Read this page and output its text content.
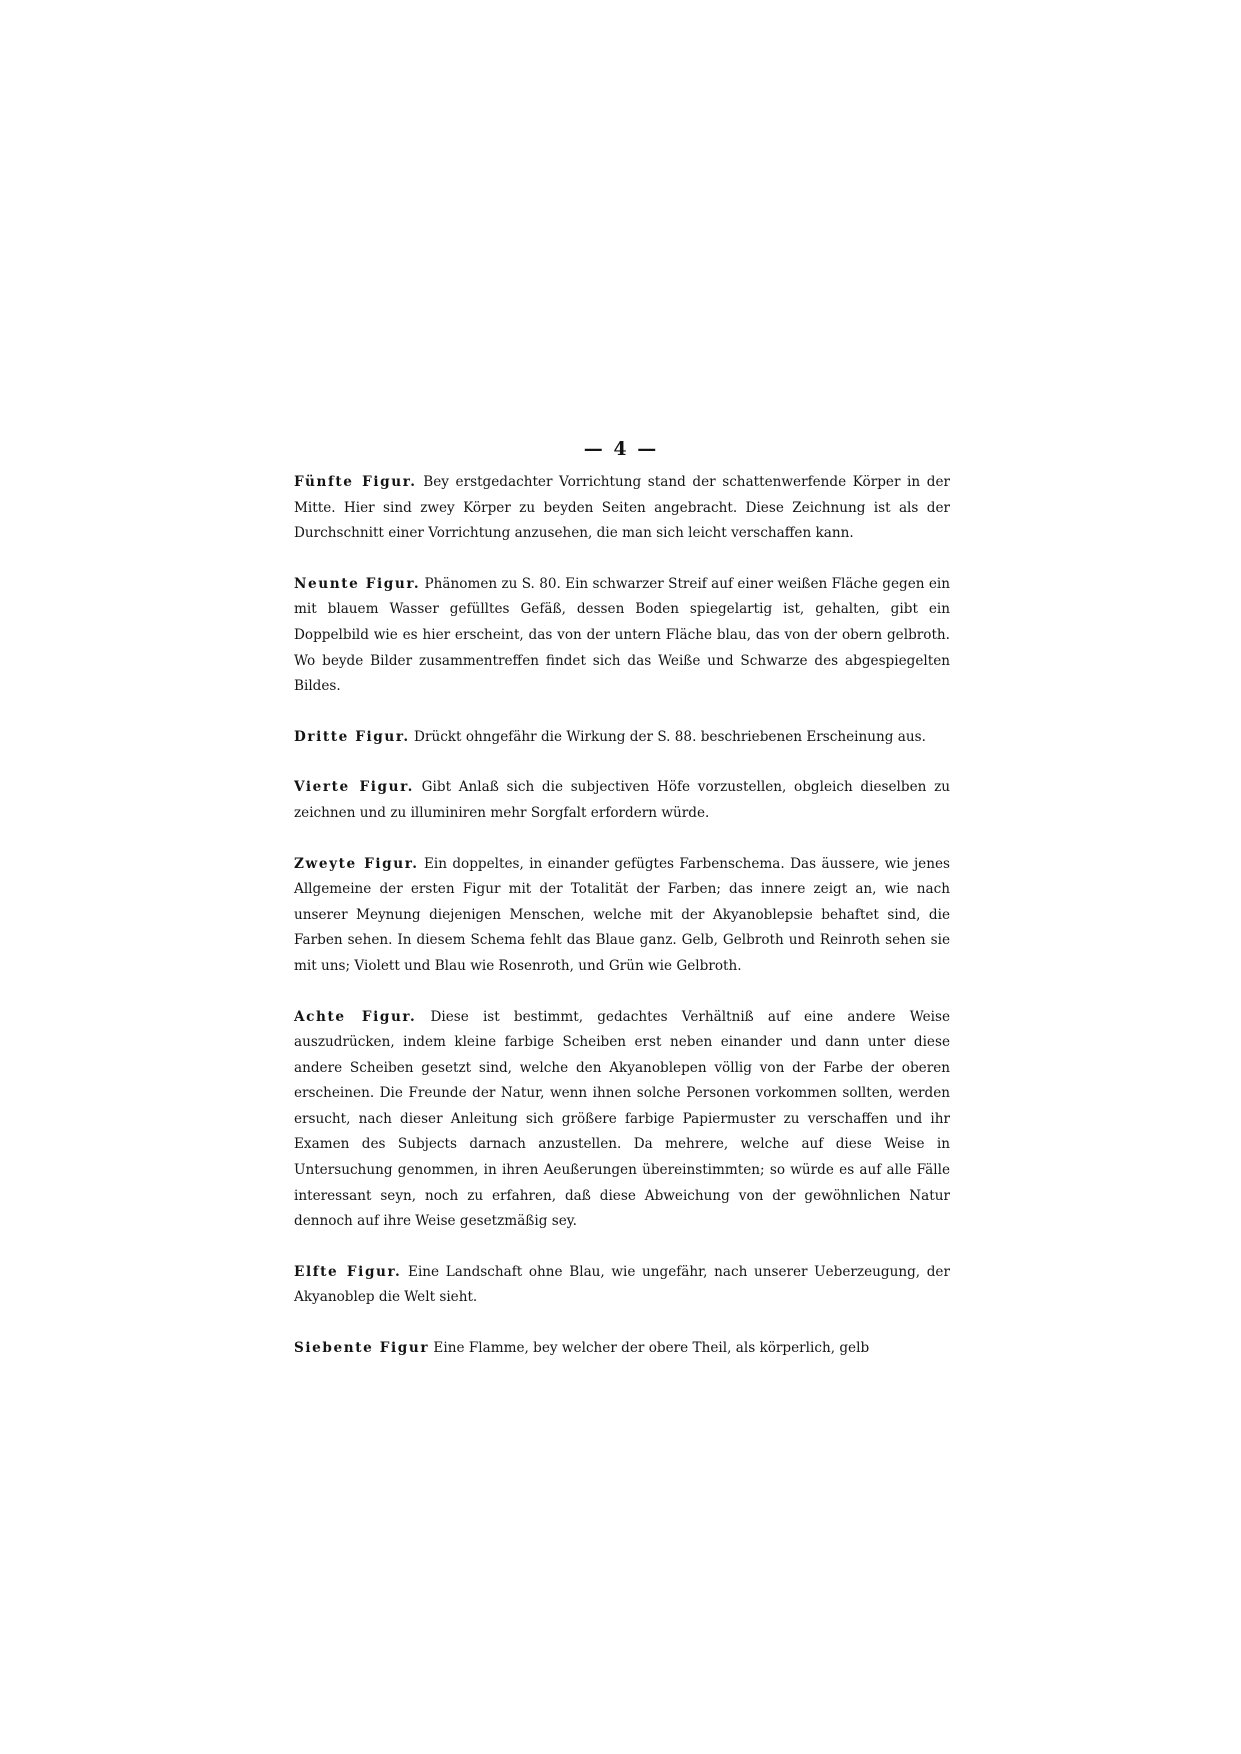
— 4 —

Fünfte Figur. Bey erstgedachter Vorrichtung stand der schattenwerfende Körper in der Mitte. Hier sind zwey Körper zu beyden Seiten angebracht. Diese Zeichnung ist als der Durchschnitt einer Vorrichtung anzusehen, die man sich leicht verschaffen kann.

Neunte Figur. Phänomen zu S. 80. Ein schwarzer Streif auf einer weißen Fläche gegen ein mit blauem Wasser gefülltes Gefäß, dessen Boden spiegelartig ist, gehalten, gibt ein Doppelbild wie es hier erscheint, das von der untern Fläche blau, das von der obern gelbroth. Wo beyde Bilder zusammentreffen findet sich das Weiße und Schwarze des abgespiegelten Bildes.

Dritte Figur. Drückt ohngefähr die Wirkung der S. 88. beschriebenen Erscheinung aus.

Vierte Figur. Gibt Anlaß sich die subjectiven Höfe vorzustellen, obgleich dieselben zu zeichnen und zu illuminiren mehr Sorgfalt erfordern würde.

Zweyte Figur. Ein doppeltes, in einander gefügtes Farbenschema. Das äussere, wie jenes Allgemeine der ersten Figur mit der Totalität der Farben; das innere zeigt an, wie nach unserer Meynung diejenigen Menschen, welche mit der Akyanoblepsie behaftet sind, die Farben sehen. In diesem Schema fehlt das Blaue ganz. Gelb, Gelbroth und Reinroth sehen sie mit uns; Violett und Blau wie Rosenroth, und Grün wie Gelbroth.

Achte Figur. Diese ist bestimmt, gedachtes Verhältniß auf eine andere Weise auszudrücken, indem kleine farbige Scheiben erst neben einander und dann unter diese andere Scheiben gesetzt sind, welche den Akyanoblepen völlig von der Farbe der oberen erscheinen. Die Freunde der Natur, wenn ihnen solche Personen vorkommen sollten, werden ersucht, nach dieser Anleitung sich größere farbige Papiermuster zu verschaffen und ihr Examen des Subjects darnach anzustellen. Da mehrere, welche auf diese Weise in Untersuchung genommen, in ihren Aeußerungen übereinstimmten; so würde es auf alle Fälle interessant seyn, noch zu erfahren, daß diese Abweichung von der gewöhnlichen Natur dennoch auf ihre Weise gesetzmäßig sey.

Elfte Figur. Eine Landschaft ohne Blau, wie ungefähr, nach unserer Ueberzeugung, der Akyanoblep die Welt sieht.

Siebente Figur Eine Flamme, bey welcher der obere Theil, als körperlich, gelb
